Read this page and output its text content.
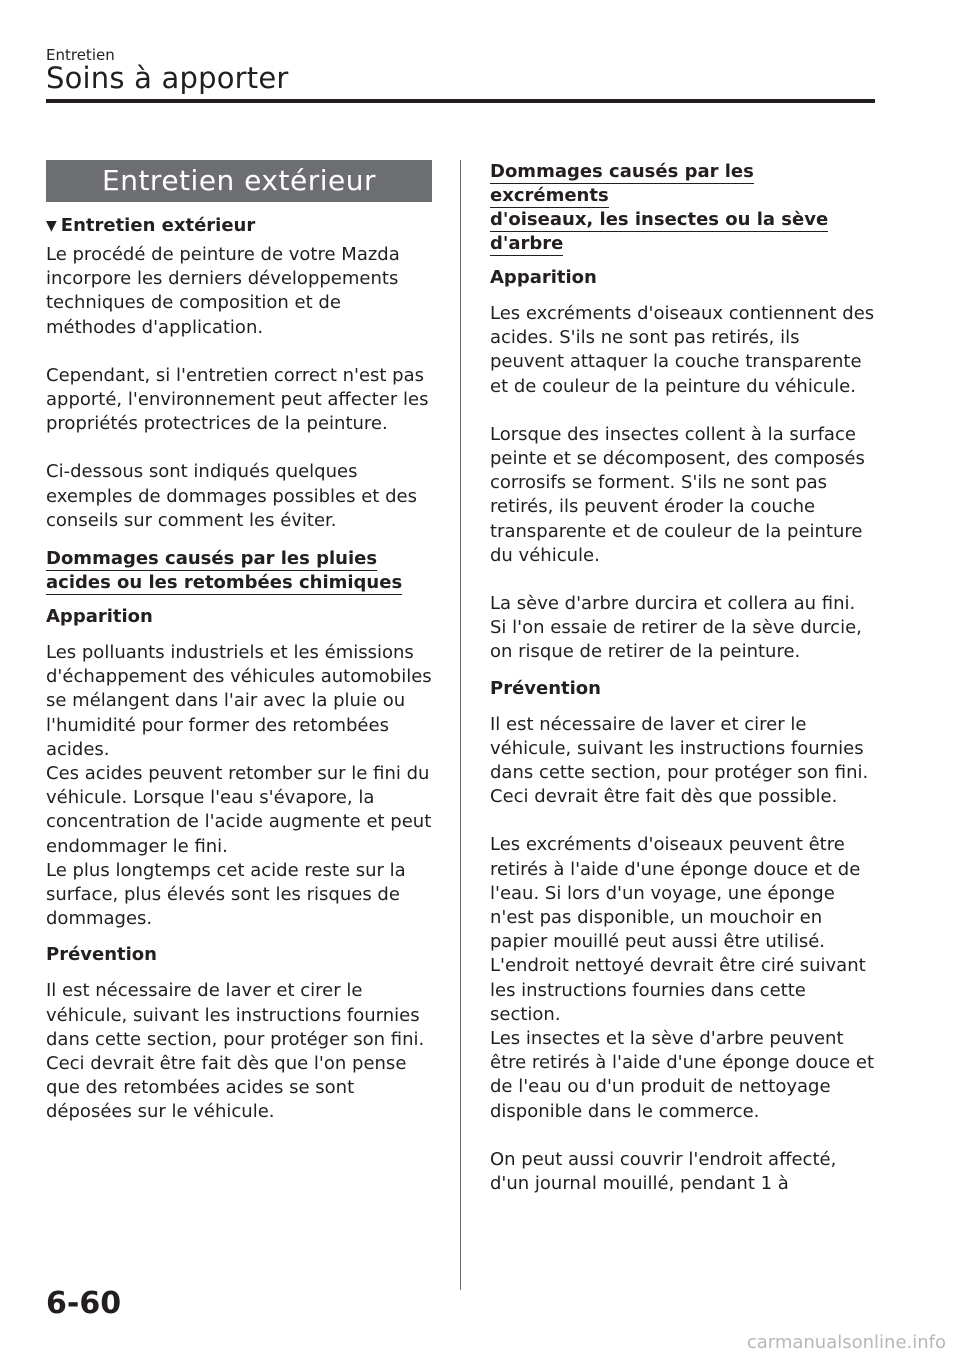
Entretien
Soins à apporter
Entretien extérieur
▼ Entretien extérieur

Le procédé de peinture de votre Mazda incorpore les derniers développements techniques de composition et de méthodes d'application.

Cependant, si l'entretien correct n'est pas apporté, l'environnement peut affecter les propriétés protectrices de la peinture.

Ci-dessous sont indiqués quelques exemples de dommages possibles et des conseils sur comment les éviter.

Dommages causés par les pluies
acides ou les retombées chimiques
Apparition

Les polluants industriels et les émissions d'échappement des véhicules automobiles se mélangent dans l'air avec la pluie ou l'humidité pour former des retombées acides.

Ces acides peuvent retomber sur le fini du véhicule. Lorsque l'eau s'évapore, la concentration de l'acide augmente et peut endommager le fini.

Le plus longtemps cet acide reste sur la surface, plus élevés sont les risques de dommages.

Prévention

Il est nécessaire de laver et cirer le véhicule, suivant les instructions fournies dans cette section, pour protéger son fini. Ceci devrait être fait dès que l'on pense que des retombées acides se sont déposées sur le véhicule.

Dommages causés par les excréments
d'oiseaux, les insectes ou la sève
d'arbre
Apparition

Les excréments d'oiseaux contiennent des acides. S'ils ne sont pas retirés, ils peuvent attaquer la couche transparente et de couleur de la peinture du véhicule.

Lorsque des insectes collent à la surface peinte et se décomposent, des composés corrosifs se forment. S'ils ne sont pas retirés, ils peuvent éroder la couche transparente et de couleur de la peinture du véhicule.

La sève d'arbre durcira et collera au fini. Si l'on essaie de retirer de la sève durcie, on risque de retirer de la peinture.

Prévention

Il est nécessaire de laver et cirer le véhicule, suivant les instructions fournies dans cette section, pour protéger son fini. Ceci devrait être fait dès que possible.

Les excréments d'oiseaux peuvent être retirés à l'aide d'une éponge douce et de l'eau. Si lors d'un voyage, une éponge n'est pas disponible, un mouchoir en papier mouillé peut aussi être utilisé. L'endroit nettoyé devrait être ciré suivant les instructions fournies dans cette section.

Les insectes et la sève d'arbre peuvent être retirés à l'aide d'une éponge douce et de l'eau ou d'un produit de nettoyage disponible dans le commerce.

On peut aussi couvrir l'endroit affecté, d'un journal mouillé, pendant 1 à

6-60
carmanualsonline.info
